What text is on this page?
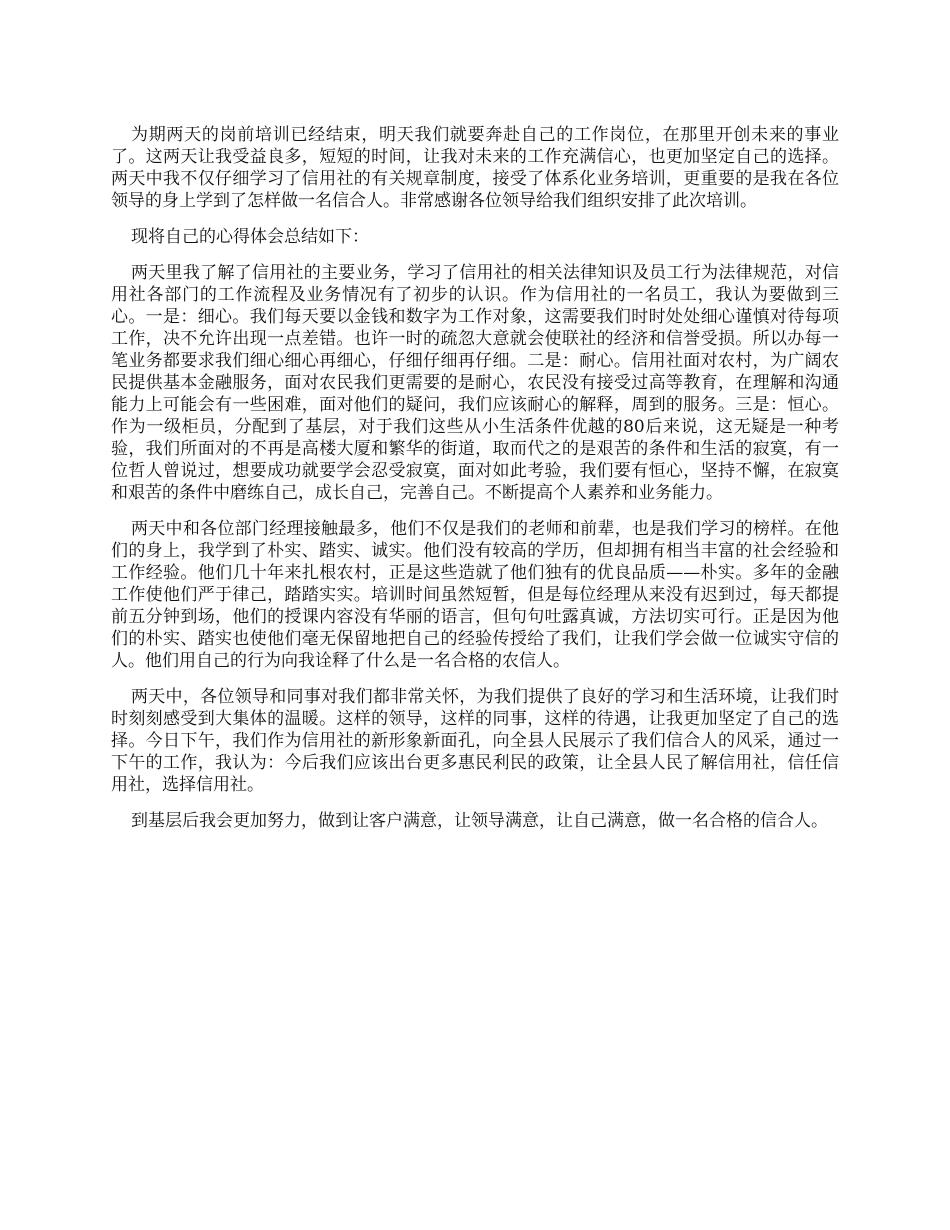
为期两天的岗前培训已经结束，明天我们就要奔赴自己的工作岗位，在那里开创未来的事业了。这两天让我受益良多，短短的时间，让我对未来的工作充满信心，也更加坚定自己的选择。两天中我不仅仔细学习了信用社的有关规章制度，接受了体系化业务培训，更重要的是我在各位领导的身上学到了怎样做一名信合人。非常感谢各位领导给我们组织安排了此次培训。

现将自己的心得体会总结如下：

两天里我了解了信用社的主要业务，学习了信用社的相关法律知识及员工行为法律规范，对信用社各部门的工作流程及业务情况有了初步的认识。作为信用社的一名员工，我认为要做到三心。一是：细心。我们每天要以金钱和数字为工作对象，这需要我们时时处处细心谨慎对待每项工作，决不允许出现一点差错。也许一时的疏忽大意就会使联社的经济和信誉受损。所以办每一笔业务都要求我们细心细心再细心，仔细仔细再仔细。二是：耐心。信用社面对农村，为广阔农民提供基本金融服务，面对农民我们更需要的是耐心，农民没有接受过高等教育，在理解和沟通能力上可能会有一些困难，面对他们的疑问，我们应该耐心的解释，周到的服务。三是：恒心。作为一级柜员，分配到了基层，对于我们这些从小生活条件优越的80后来说，这无疑是一种考验，我们所面对的不再是高楼大厦和繁华的街道，取而代之的是艰苦的条件和生活的寂寞，有一位哲人曾说过，想要成功就要学会忍受寂寞，面对如此考验，我们要有恒心，坚持不懈，在寂寞和艰苦的条件中磨练自己，成长自己，完善自己。不断提高个人素养和业务能力。

两天中和各位部门经理接触最多，他们不仅是我们的老师和前辈，也是我们学习的榜样。在他们的身上，我学到了朴实、踏实、诚实。他们没有较高的学历，但却拥有相当丰富的社会经验和工作经验。他们几十年来扎根农村，正是这些造就了他们独有的优良品质——朴实。多年的金融工作使他们严于律己，踏踏实实。培训时间虽然短暂，但是每位经理从来没有迟到过，每天都提前五分钟到场，他们的授课内容没有华丽的语言，但句句吐露真诚，方法切实可行。正是因为他们的朴实、踏实也使他们毫无保留地把自己的经验传授给了我们，让我们学会做一位诚实守信的人。他们用自己的行为向我诠释了什么是一名合格的农信人。

两天中，各位领导和同事对我们都非常关怀，为我们提供了良好的学习和生活环境，让我们时时刻刻感受到大集体的温暖。这样的领导，这样的同事，这样的待遇，让我更加坚定了自己的选择。今日下午，我们作为信用社的新形象新面孔，向全县人民展示了我们信合人的风采，通过一下午的工作，我认为：今后我们应该出台更多惠民利民的政策，让全县人民了解信用社，信任信用社，选择信用社。

到基层后我会更加努力，做到让客户满意，让领导满意，让自己满意，做一名合格的信合人。
